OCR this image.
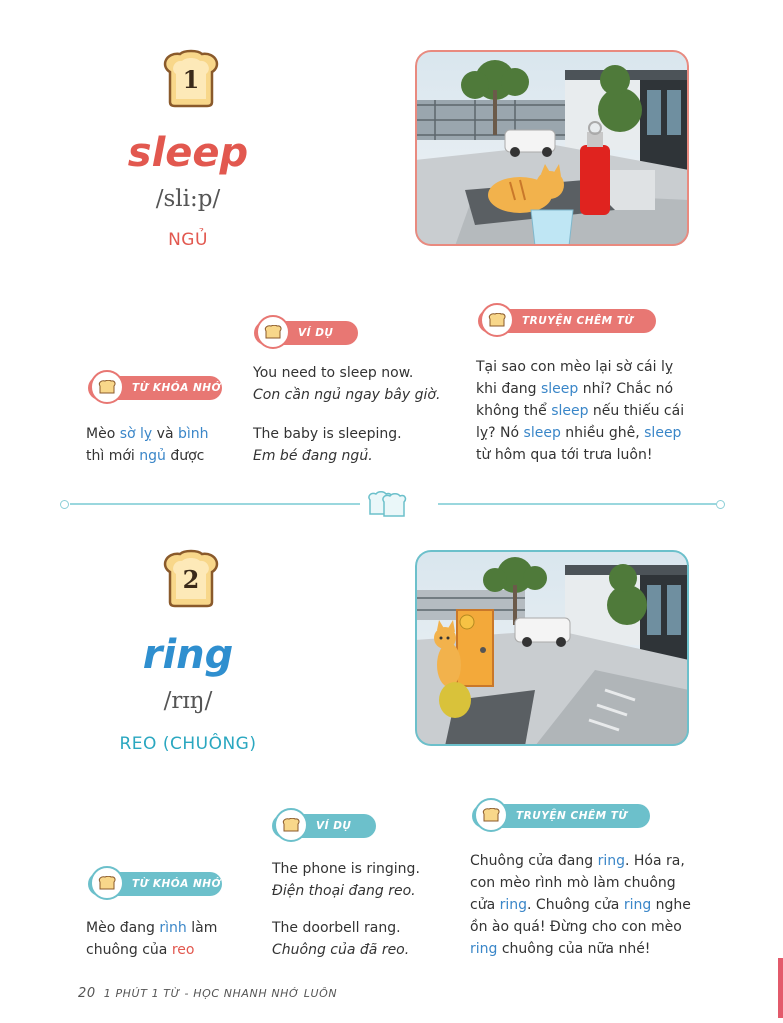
1
sleep
/sli:p/
NGỦ
VÍ DỤ
TRUYỆN CHÊM TỪ
TỪ KHÓA NHỚ
Mèo sờ lỵ và bình
thì mới ngủ được
You need to sleep now.
Con cần ngủ ngay bây giờ.
The baby is sleeping.
Em bé đang ngủ.
Tại sao con mèo lại sờ cái lỵ
khi đang sleep nhỉ? Chắc nó
không thể sleep nếu thiếu cái
lỵ? Nó sleep nhiều ghê, sleep
từ hôm qua tới trưa luôn!
2
ring
/rɪŋ/
REO (CHUÔNG)
VÍ DỤ
TRUYỆN CHÊM TỪ
TỪ KHÓA NHỚ
Mèo đang rình làm
chuông của reo
The phone is ringing.
Điện thoại đang reo.
The doorbell rang.
Chuông của đã reo.
Chuông cửa đang ring. Hóa ra,
con mèo rình mò làm chuông
cửa ring. Chuông cửa ring nghe
ồn ào quá! Đừng cho con mèo
ring chuông của nữa nhé!
20 1 PHÚT 1 TỪ - HỌC NHANH NHỚ LUÔN
